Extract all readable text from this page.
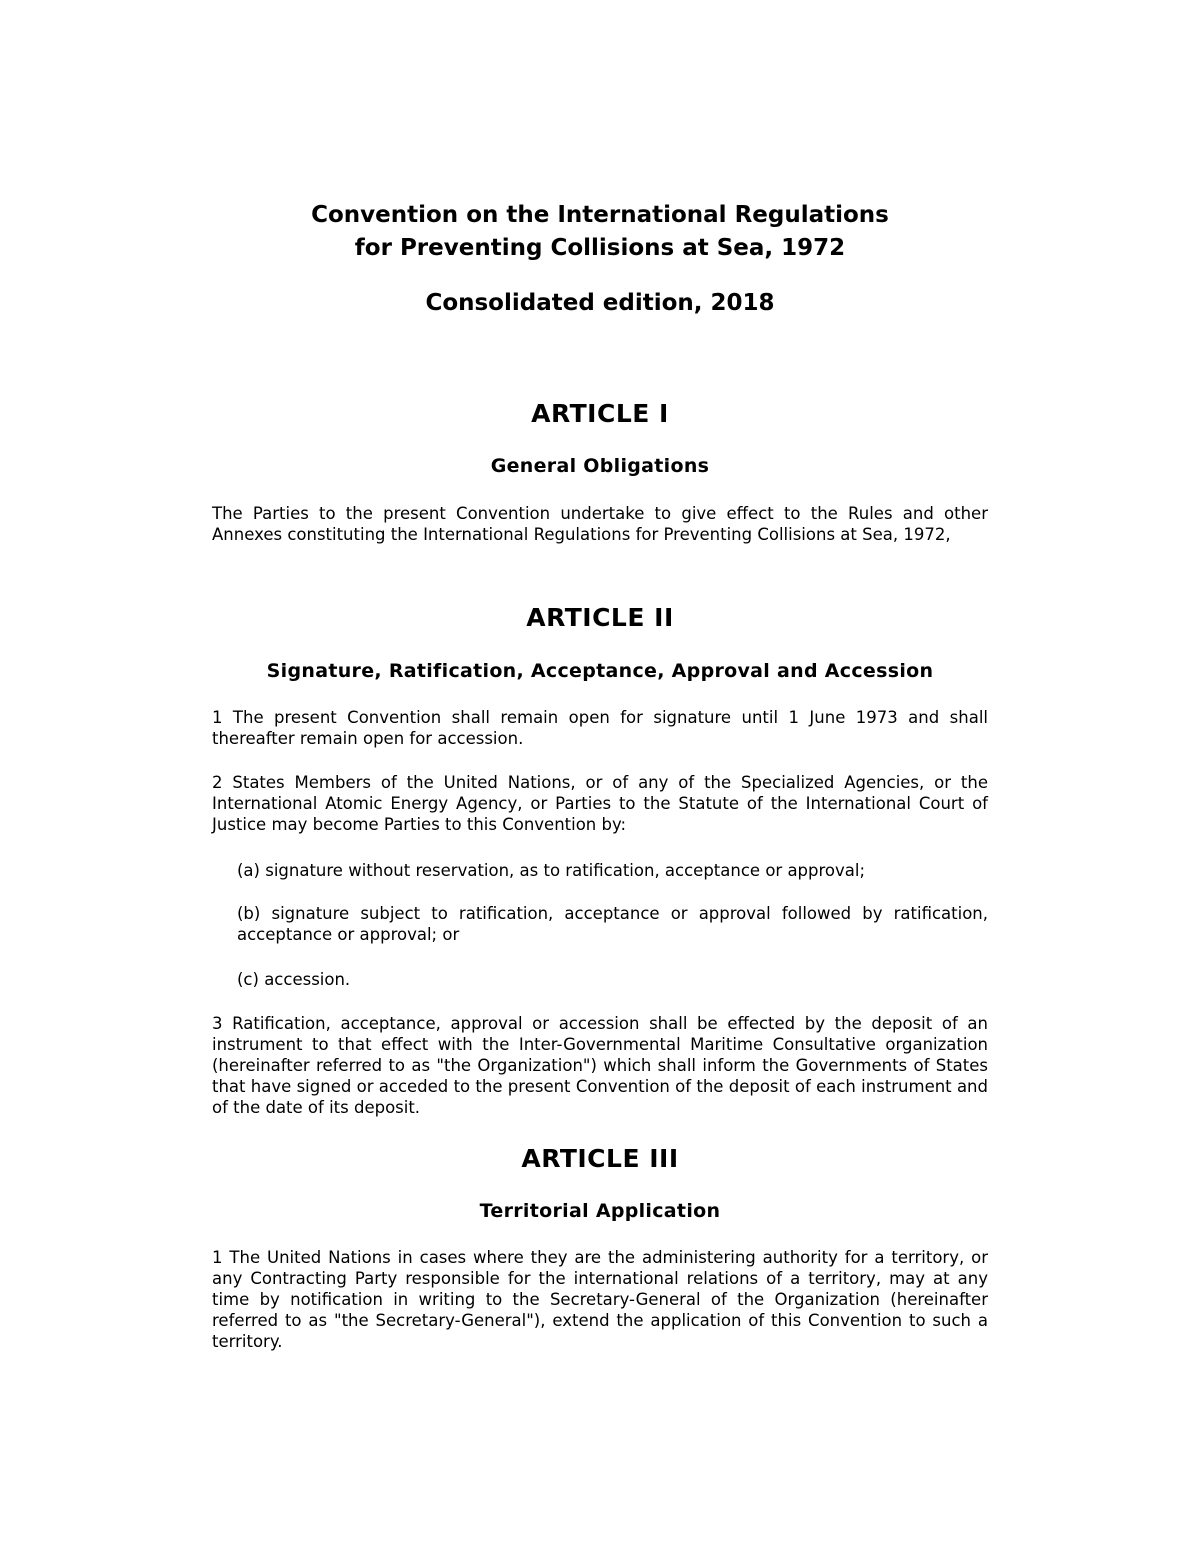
Convention on the International Regulations
for Preventing Collisions at Sea, 1972
Consolidated edition, 2018
ARTICLE I
General Obligations

The Parties to the present Convention undertake to give effect to the Rules and other Annexes constituting the International Regulations for Preventing Collisions at Sea, 1972,

ARTICLE II
Signature, Ratification, Acceptance, Approval and Accession

1 The present Convention shall remain open for signature until 1 June 1973 and shall thereafter remain open for accession.

2 States Members of the United Nations, or of any of the Specialized Agencies, or the International Atomic Energy Agency, or Parties to the Statute of the International Court of Justice may become Parties to this Convention by:

(a) signature without reservation, as to ratification, acceptance or approval;

(b) signature subject to ratification, acceptance or approval followed by ratification, acceptance or approval; or

(c) accession.

3 Ratification, acceptance, approval or accession shall be effected by the deposit of an instrument to that effect with the Inter-Governmental Maritime Consultative organization (hereinafter referred to as "the Organization") which shall inform the Governments of States that have signed or acceded to the present Convention of the deposit of each instrument and of the date of its deposit.

ARTICLE III
Territorial Application

1 The United Nations in cases where they are the administering authority for a territory, or any Contracting Party responsible for the international relations of a territory, may at any time by notification in writing to the Secretary-General of the Organization (hereinafter referred to as "the Secretary-General"), extend the application of this Convention to such a territory.
